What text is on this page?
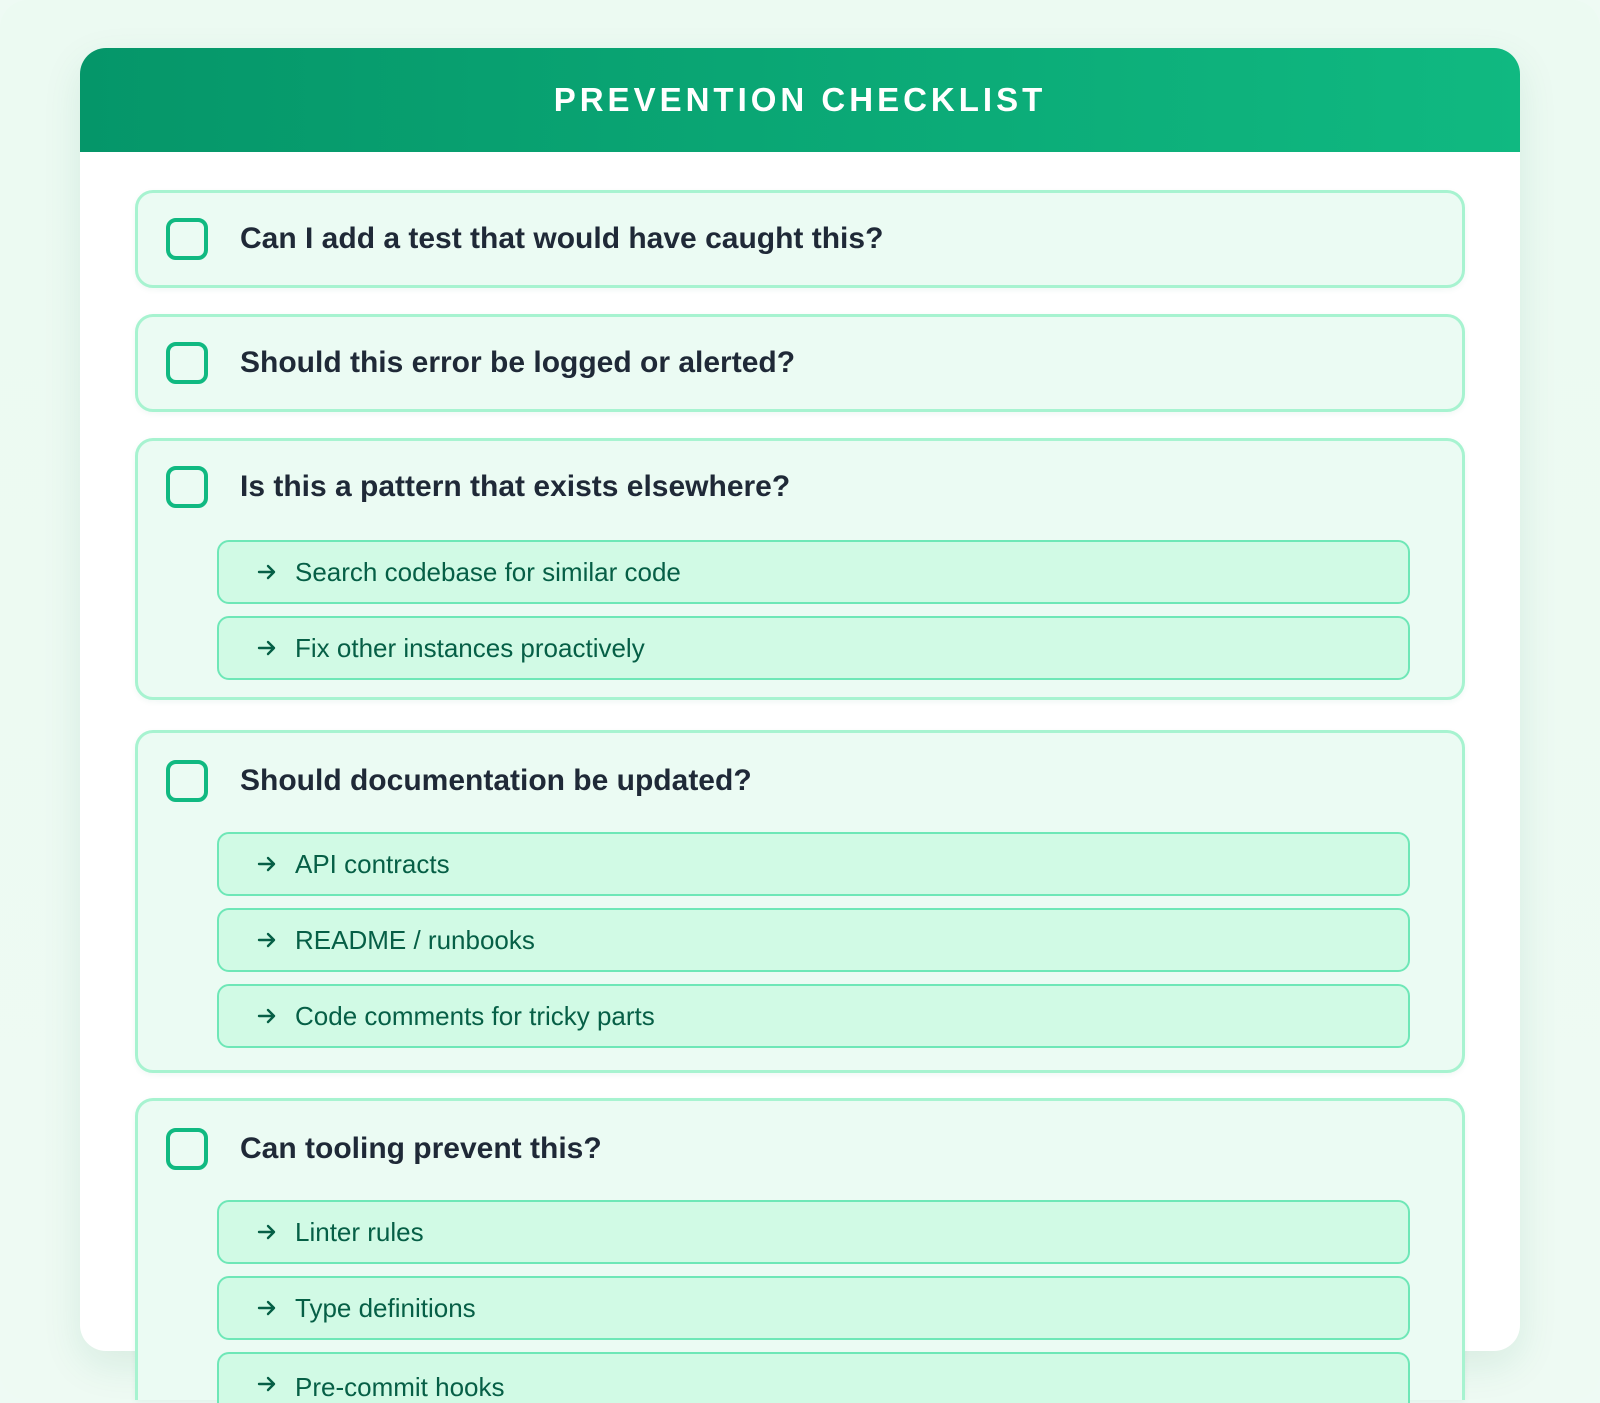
PREVENTION CHECKLIST
Can I add a test that would have caught this?
Should this error be logged or alerted?
Is this a pattern that exists elsewhere?
Search codebase for similar code
Fix other instances proactively
Should documentation be updated?
API contracts
README / runbooks
Code comments for tricky parts
Can tooling prevent this?
Linter rules
Type definitions
Pre-commit hooks
